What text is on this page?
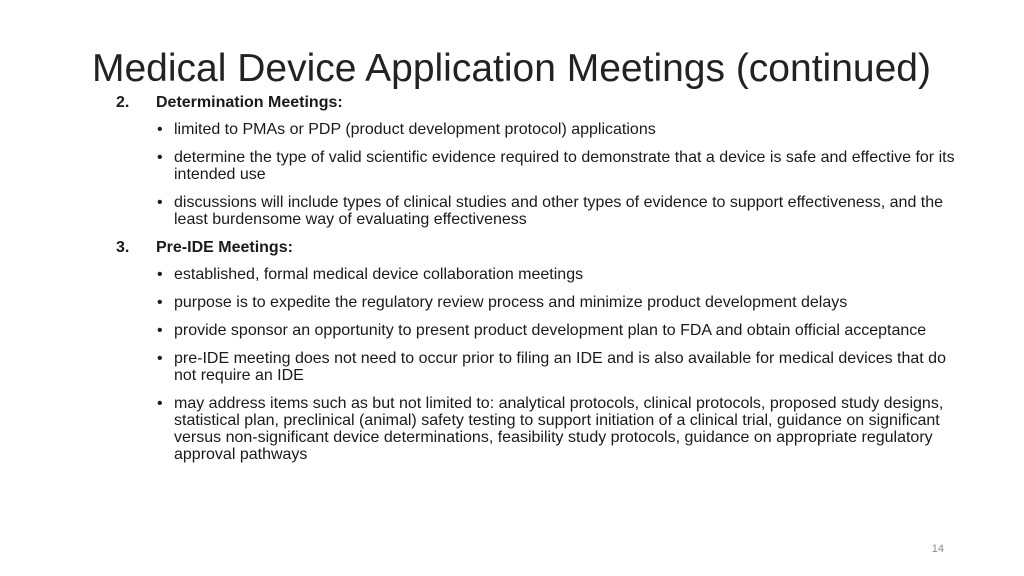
Medical Device Application Meetings (continued)
2.	Determination Meetings:
• limited to PMAs or PDP (product development protocol) applications
• determine the type of valid scientific evidence required to demonstrate that a device is safe and effective for its intended use
• discussions will include types of clinical studies and other types of evidence to support effectiveness, and the least burdensome way of evaluating effectiveness
3.	Pre-IDE Meetings:
• established, formal medical device collaboration meetings
• purpose is to expedite the regulatory review process and minimize product development delays
• provide sponsor an opportunity to present product development plan to FDA and obtain official acceptance
• pre-IDE meeting does not need to occur prior to filing an IDE and is also available for medical devices that do not require an IDE
• may address items such as but not limited to: analytical protocols, clinical protocols, proposed study designs, statistical plan, preclinical (animal) safety testing to support initiation of a clinical trial, guidance on significant versus non-significant device determinations, feasibility study protocols, guidance on appropriate regulatory approval pathways
14
